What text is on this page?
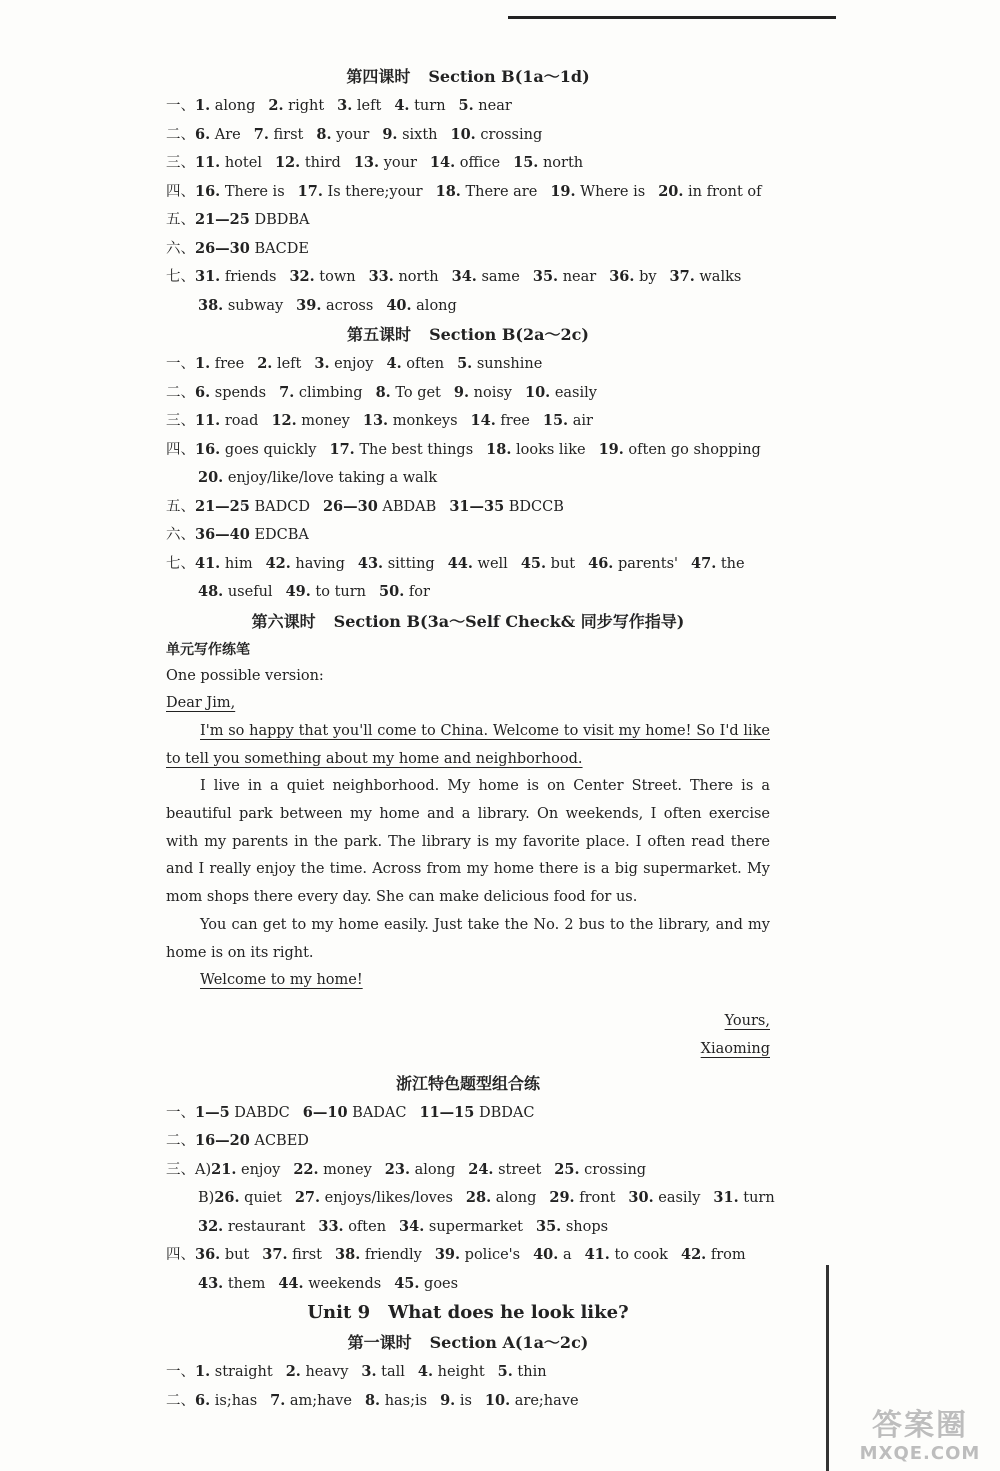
第四课时 Section B(1a～1d)
一、1. along 2. right 3. left 4. turn 5. near
二、6. Are 7. first 8. your 9. sixth 10. crossing
三、11. hotel 12. third 13. your 14. office 15. north
四、16. There is 17. Is there;your 18. There are 19. Where is 20. in front of
五、21—25 DBDBA
六、26—30 BACDE
七、31. friends 32. town 33. north 34. same 35. near 36. by 37. walks
38. subway 39. across 40. along
第五课时 Section B(2a～2c)
一、1. free 2. left 3. enjoy 4. often 5. sunshine
二、6. spends 7. climbing 8. To get 9. noisy 10. easily
三、11. road 12. money 13. monkeys 14. free 15. air
四、16. goes quickly 17. The best things 18. looks like 19. often go shopping
20. enjoy/like/love taking a walk
五、21—25 BADCD 26—30 ABDAB 31—35 BDCCB
六、36—40 EDCBA
七、41. him 42. having 43. sitting 44. well 45. but 46. parents' 47. the
48. useful 49. to turn 50. for
第六课时 Section B(3a～Self Check& 同步写作指导)
单元写作练笔
One possible version:
Dear Jim,

I'm so happy that you'll come to China. Welcome to visit my home! So I'd like to tell you something about my home and neighborhood.

I live in a quiet neighborhood. My home is on Center Street. There is a beautiful park between my home and a library. On weekends, I often exercise with my parents in the park. The library is my favorite place. I often read there and I really enjoy the time. Across from my home there is a big supermarket. My mom shops there every day. She can make delicious food for us.

You can get to my home easily. Just take the No. 2 bus to the library, and my home is on its right.

Welcome to my home!

Yours,
Xiaoming
浙江特色题型组合练
一、1—5 DABDC 6—10 BADAC 11—15 DBDAC
二、16—20 ACBED
三、A)21. enjoy 22. money 23. along 24. street 25. crossing
B)26. quiet 27. enjoys/likes/loves 28. along 29. front 30. easily 31. turn
32. restaurant 33. often 34. supermarket 35. shops
四、36. but 37. first 38. friendly 39. police's 40. a 41. to cook 42. from
43. them 44. weekends 45. goes
Unit 9　What does he look like?
第一课时 Section A(1a～2c)
一、1. straight 2. heavy 3. tall 4. height 5. thin
二、6. is;has 7. am;have 8. has;is 9. is 10. are;have
答案圈
MXQE.COM
